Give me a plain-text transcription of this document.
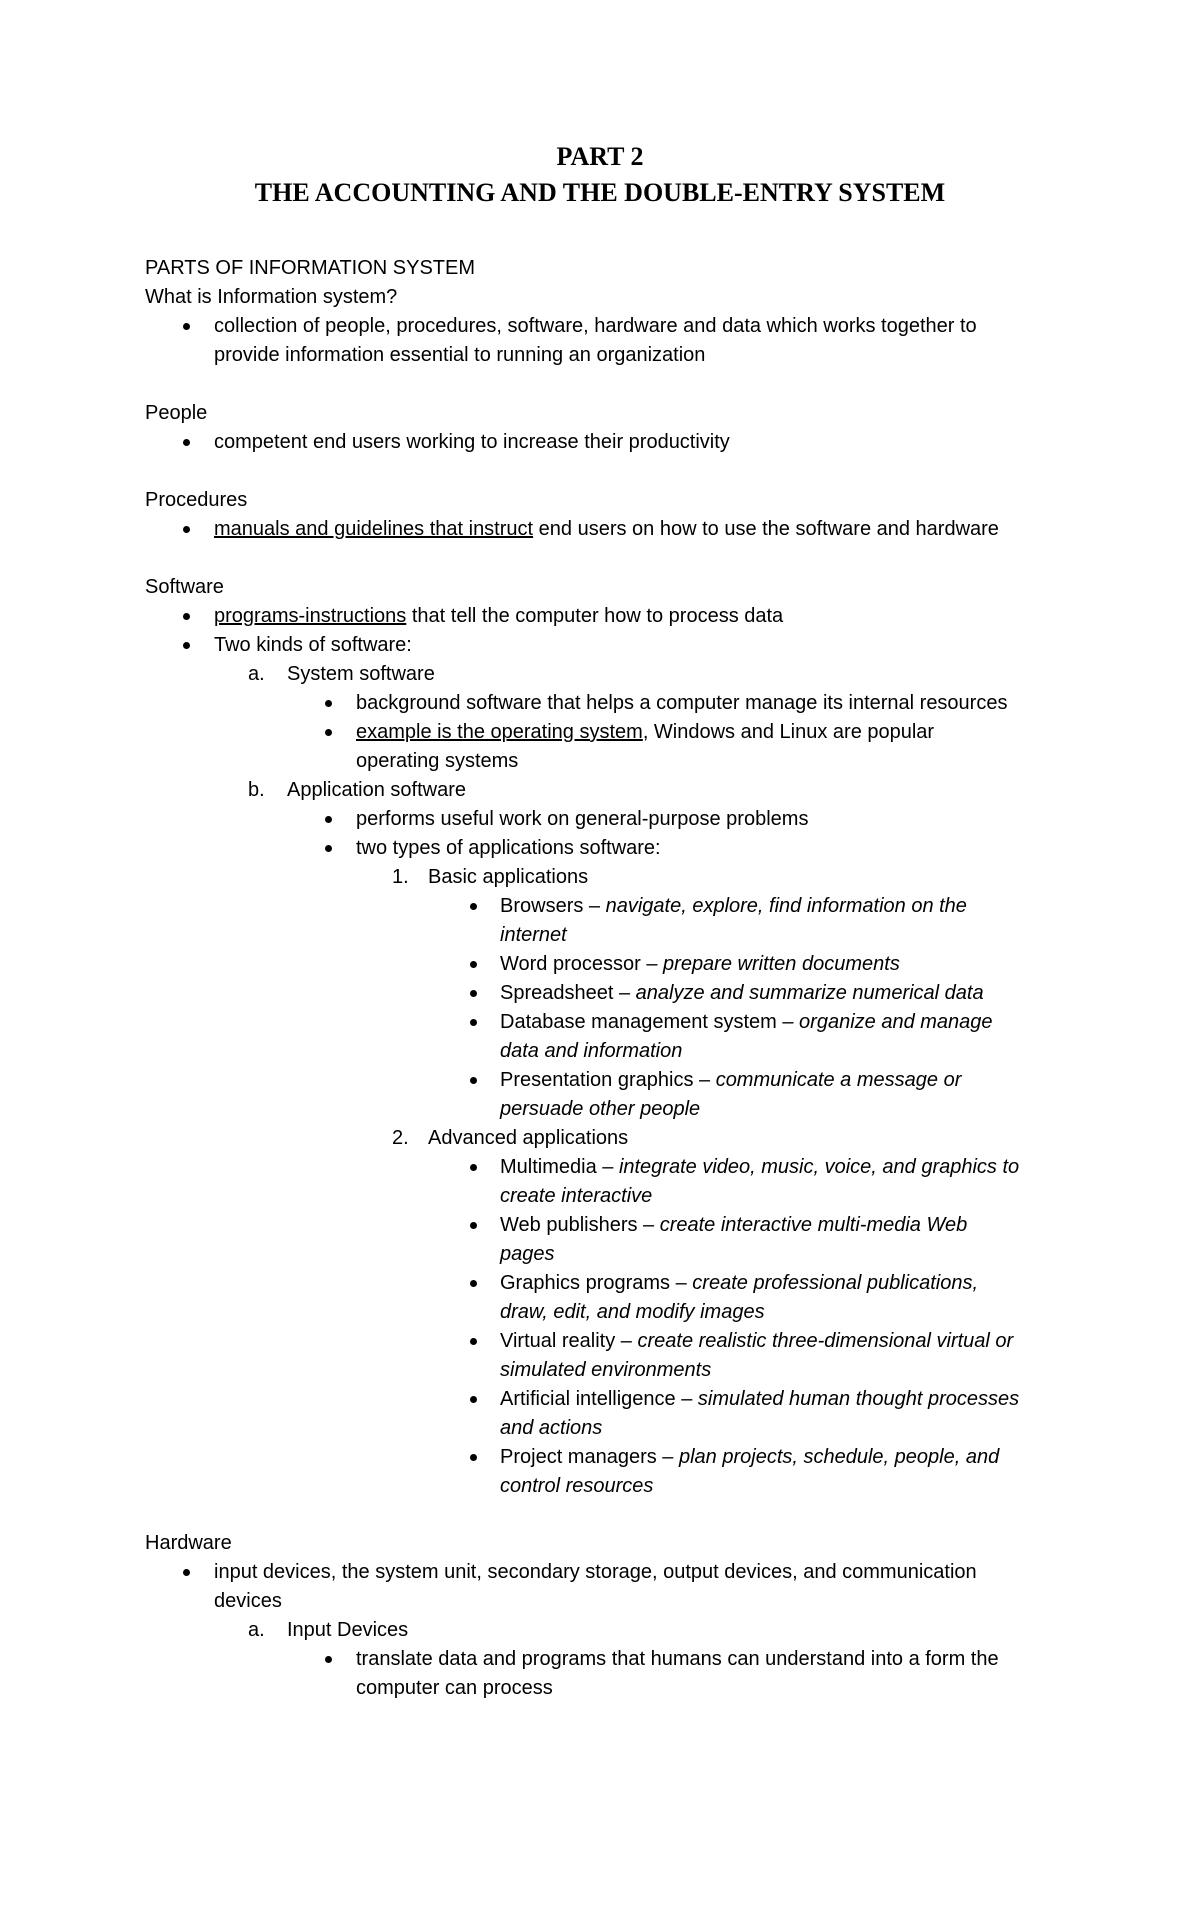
PART 2
THE ACCOUNTING AND THE DOUBLE-ENTRY SYSTEM
PARTS OF INFORMATION SYSTEM
What is Information system?
collection of people, procedures, software, hardware and data which works together to
provide information essential to running an organization
People
competent end users working to increase their productivity
Procedures
manuals and guidelines that instruct end users on how to use the software and hardware
Software
programs-instructions that tell the computer how to process data
Two kinds of software:
a. System software
background software that helps a computer manage its internal resources
example is the operating system, Windows and Linux are popular
operating systems
b. Application software
performs useful work on general-purpose problems
two types of applications software:
1. Basic applications
Browsers – navigate, explore, find information on the
internet
Word processor – prepare written documents
Spreadsheet – analyze and summarize numerical data
Database management system – organize and manage
data and information
Presentation graphics – communicate a message or
persuade other people
2. Advanced applications
Multimedia – integrate video, music, voice, and graphics to
create interactive
Web publishers – create interactive multi-media Web
pages
Graphics programs – create professional publications,
draw, edit, and modify images
Virtual reality – create realistic three-dimensional virtual or
simulated environments
Artificial intelligence – simulated human thought processes
and actions
Project managers – plan projects, schedule, people, and
control resources
Hardware
input devices, the system unit, secondary storage, output devices, and communication
devices
a. Input Devices
translate data and programs that humans can understand into a form the
computer can process
